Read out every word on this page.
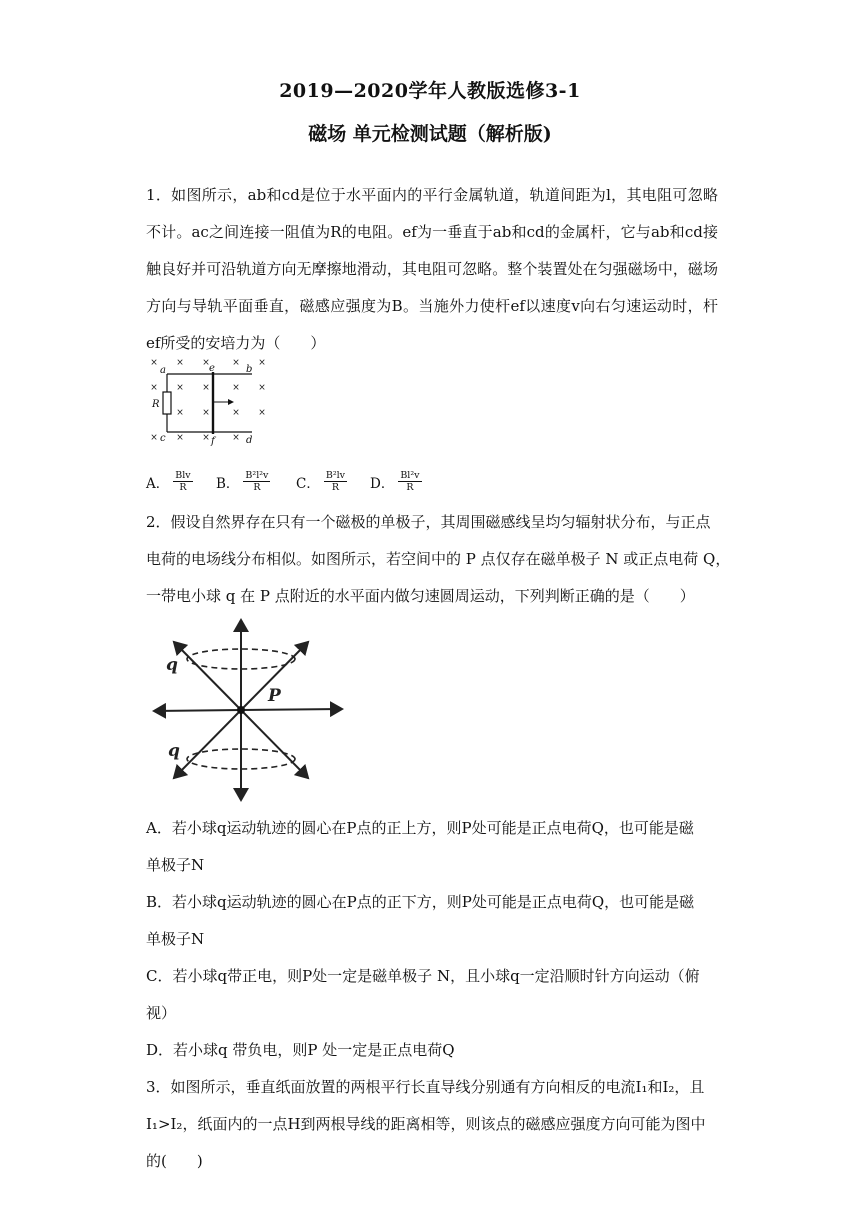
2019—2020学年人教版选修3-1
磁场 单元检测试题（解析版)
1．如图所示，ab和cd是位于水平面内的平行金属轨道，轨道间距为l，其电阻可忽略不计。ac之间连接一阻值为R的电阻。ef为一垂直于ab和cd的金属杆，它与ab和cd接触良好并可沿轨道方向无摩擦地滑动，其电阻可忽略。整个装置处在匀强磁场中，磁场方向与导轨平面垂直，磁感应强度为B。当施外力使杆ef以速度v向右匀速运动时，杆ef所受的安培力为（　　）
× × × × ×
× × × × ×
× × × ×
× × × ×
a	b
c	d
e
f
R
A． $\frac{\text{Blv}}{R}$ B． $\frac{\text{B²l²v}}{R}$ C． $\frac{\text{B²lv}}{R}$ D． $\frac{\text{Bl²v}}{R}$
2．假设自然界存在只有一个磁极的单极子，其周围磁感线呈均匀辐射状分布，与正点
电荷的电场线分布相似。如图所示，若空间中的 P 点仅存在磁单极子 N 或正点电荷 Q，
一带电小球 q 在 P 点附近的水平面内做匀速圆周运动，下列判断正确的是（　　）
q
q
P
A．若小球q运动轨迹的圆心在P点的正上方，则P处可能是正点电荷Q，也可能是磁
单极子N
B．若小球q运动轨迹的圆心在P点的正下方，则P处可能是正点电荷Q，也可能是磁
单极子N
C．若小球q带正电，则P处一定是磁单极子 N，且小球q一定沿顺时针方向运动（俯
视）
D．若小球q 带负电，则P 处一定是正点电荷Q
3．如图所示，垂直纸面放置的两根平行长直导线分别通有方向相反的电流I₁和I₂，且
I₁>I₂，纸面内的一点H到两根导线的距离相等，则该点的磁感应强度方向可能为图中
的(　　)
